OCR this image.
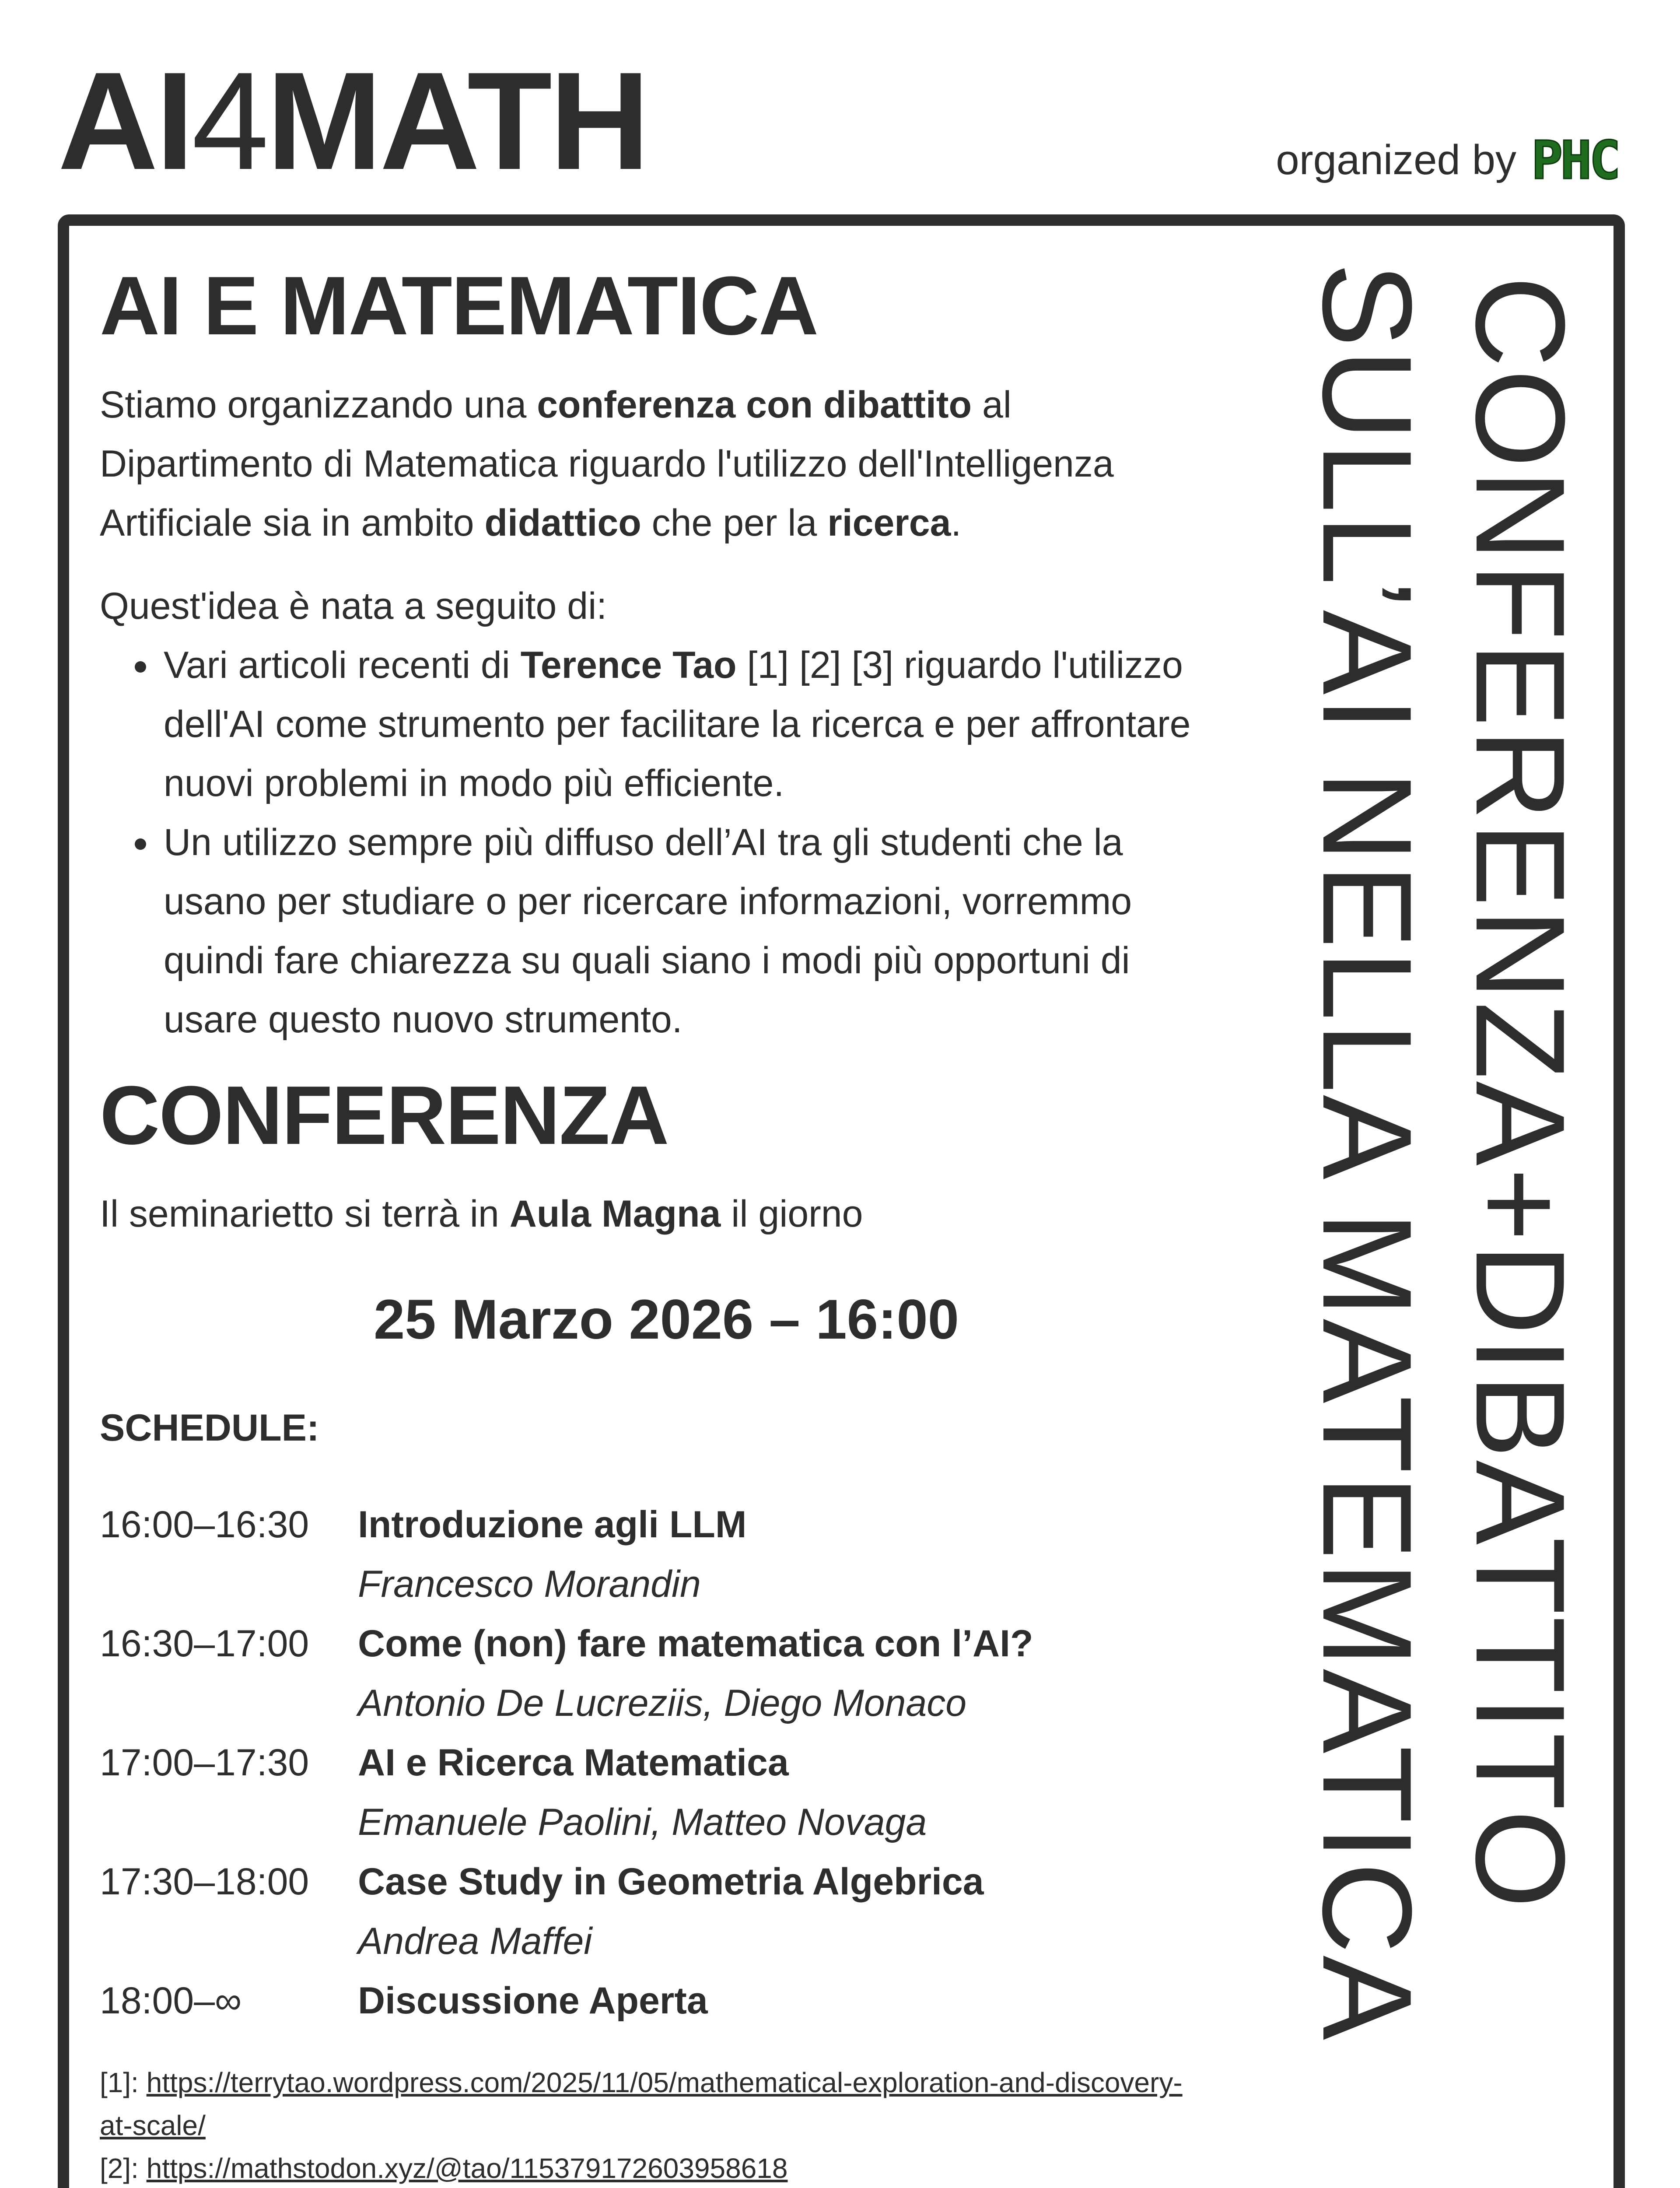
AI4MATH	organized by PHC
AI E MATEMATICA

Stiamo organizzando una conferenza con dibattito al Dipartimento di Matematica riguardo l'utilizzo dell'Intelligenza Artificiale sia in ambito didattico che per la ricerca.

Quest'idea è nata a seguito di:

• Vari articoli recenti di Terence Tao [1] [2] [3] riguardo l'utilizzo dell'AI come strumento per facilitare la ricerca e per affrontare nuovi problemi in modo più efficiente.
• Un utilizzo sempre più diffuso dell’AI tra gli studenti che la usano per studiare o per ricercare informazioni, vorremmo quindi fare chiarezza su quali siano i modi più opportuni di usare questo nuovo strumento.
CONFERENZA

Il seminarietto si terrà in Aula Magna il giorno

25 Marzo 2026 – 16:00
SCHEDULE:
16:00–16:30	Introduzione agli LLM
Francesco Morandin
16:30–17:00	Come (non) fare matematica con l’AI?
Antonio De Lucreziis, Diego Monaco
17:00–17:30	AI e Ricerca Matematica
Emanuele Paolini, Matteo Novaga
17:30–18:00	Case Study in Geometria Algebrica
Andrea Maffei
18:00–∞	Discussione Aperta
[1]: https://terrytao.wordpress.com/2025/11/05/mathematical-exploration-and-discovery-at-scale/
[2]: https://mathstodon.xyz/@tao/115379172603958618
CONFERENZA+DIBATTITO
SULL’AI NELLA MATEMATICA
